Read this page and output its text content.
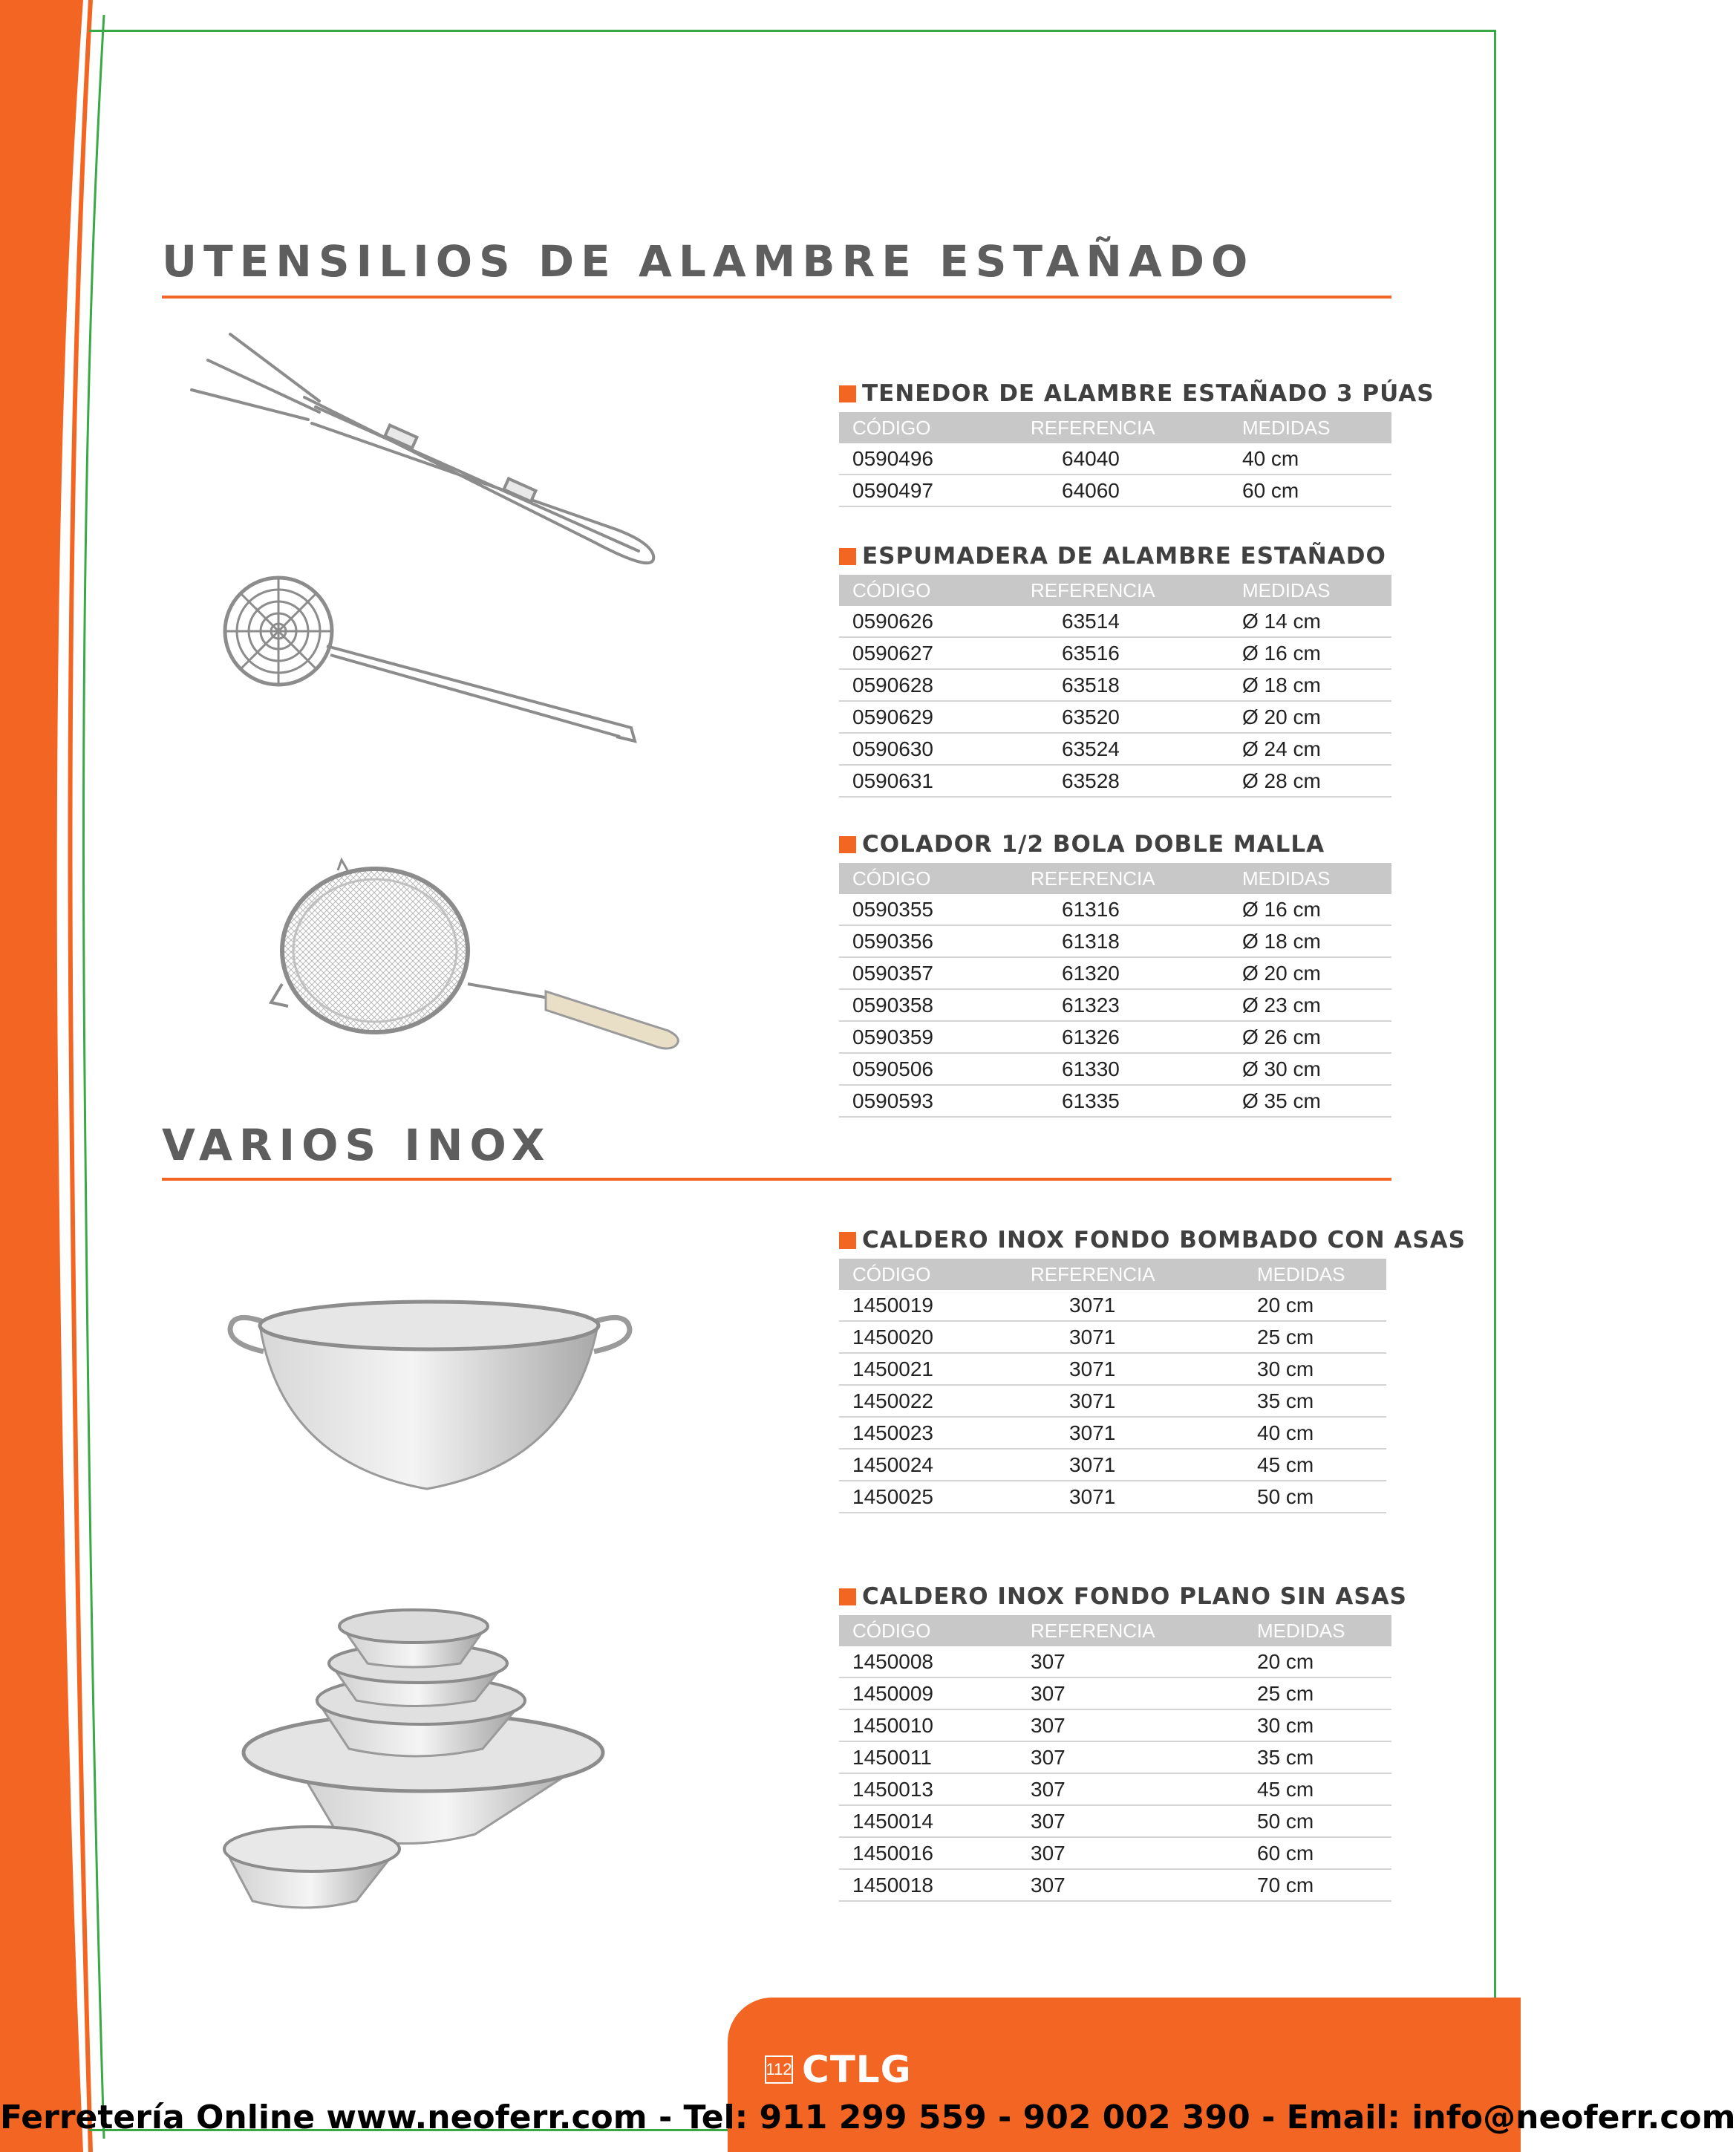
UTENSILIOS DE ALAMBRE ESTAÑADO
VARIOS INOX
TENEDOR DE ALAMBRE ESTAÑADO 3 PÚAS
CÓDIGO	REFERENCIA	MEDIDAS
0590496	64040	40 cm
0590497	64060	60 cm
ESPUMADERA DE ALAMBRE ESTAÑADO
CÓDIGO	REFERENCIA	MEDIDAS
0590626	63514	Ø 14 cm
0590627	63516	Ø 16 cm
0590628	63518	Ø 18 cm
0590629	63520	Ø 20 cm
0590630	63524	Ø 24 cm
0590631	63528	Ø 28 cm
COLADOR 1/2 BOLA DOBLE MALLA
CÓDIGO	REFERENCIA	MEDIDAS
0590355	61316	Ø 16 cm
0590356	61318	Ø 18 cm
0590357	61320	Ø 20 cm
0590358	61323	Ø 23 cm
0590359	61326	Ø 26 cm
0590506	61330	Ø 30 cm
0590593	61335	Ø 35 cm
CALDERO INOX FONDO BOMBADO CON ASAS
CÓDIGO	REFERENCIA	MEDIDAS
1450019	3071	20 cm
1450020	3071	25 cm
1450021	3071	30 cm
1450022	3071	35 cm
1450023	3071	40 cm
1450024	3071	45 cm
1450025	3071	50 cm
CALDERO INOX FONDO PLANO SIN ASAS
CÓDIGO	REFERENCIA	MEDIDAS
1450008	307	20 cm
1450009	307	25 cm
1450010	307	30 cm
1450011	307	35 cm
1450013	307	45 cm
1450014	307	50 cm
1450016	307	60 cm
1450018	307	70 cm
112 CTLG
Ferretería Online www.neoferr.com - Tel: 911 299 559 - 902 002 390 - Email: info@neoferr.com
